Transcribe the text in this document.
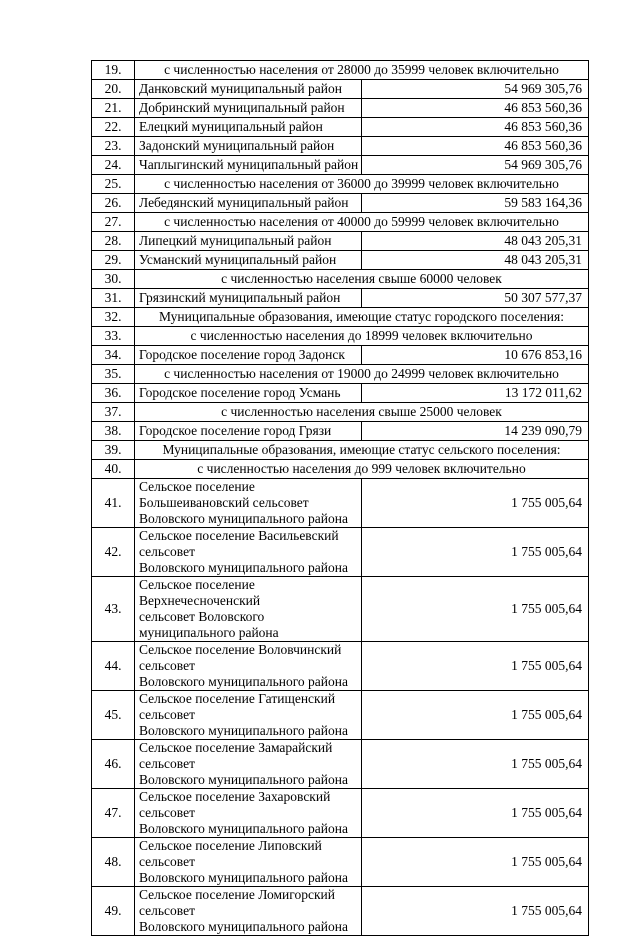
19.	с численностью населения от 28000 до 35999 человек включительно	
20.	Данковский муниципальный район	54 969 305,76
21.	Добринский муниципальный район	46 853 560,36
22.	Елецкий муниципальный район	46 853 560,36
23.	Задонский муниципальный район	46 853 560,36
24.	Чаплыгинский муниципальный район	54 969 305,76
25.	с численностью населения от 36000 до 39999 человек включительно	
26.	Лебедянский муниципальный район	59 583 164,36
27.	с численностью населения от 40000 до 59999 человек включительно	
28.	Липецкий муниципальный район	48 043 205,31
29.	Усманский муниципальный район	48 043 205,31
30.	с численностью населения свыше 60000 человек	
31.	Грязинский муниципальный район	50 307 577,37
32.	Муниципальные образования, имеющие статус городского поселения:	
33.	с численностью населения до 18999 человек включительно	
34.	Городское поселение город Задонск	10 676 853,16
35.	с численностью населения от 19000 до 24999 человек включительно	
36.	Городское поселение город Усмань	13 172 011,62
37.	с численностью населения свыше 25000 человек	
38.	Городское поселение город Грязи	14 239 090,79
39.	Муниципальные образования, имеющие статус сельского поселения:	
40.	с численностью населения до 999 человек включительно	
41.	Сельское поселение Большеивановский сельсовет
Воловского муниципального района	1 755 005,64
42.	Сельское поселение Васильевский сельсовет
Воловского муниципального района	1 755 005,64
43.	Сельское поселение Верхнечесноченский
сельсовет Воловского муниципального района	1 755 005,64
44.	Сельское поселение Воловчинский сельсовет
Воловского муниципального района	1 755 005,64
45.	Сельское поселение Гатищенский сельсовет
Воловского муниципального района	1 755 005,64
46.	Сельское поселение Замарайский сельсовет
Воловского муниципального района	1 755 005,64
47.	Сельское поселение Захаровский сельсовет
Воловского муниципального района	1 755 005,64
48.	Сельское поселение Липовский сельсовет
Воловского муниципального района	1 755 005,64
49.	Сельское поселение Ломигорский сельсовет
Воловского муниципального района	1 755 005,64
